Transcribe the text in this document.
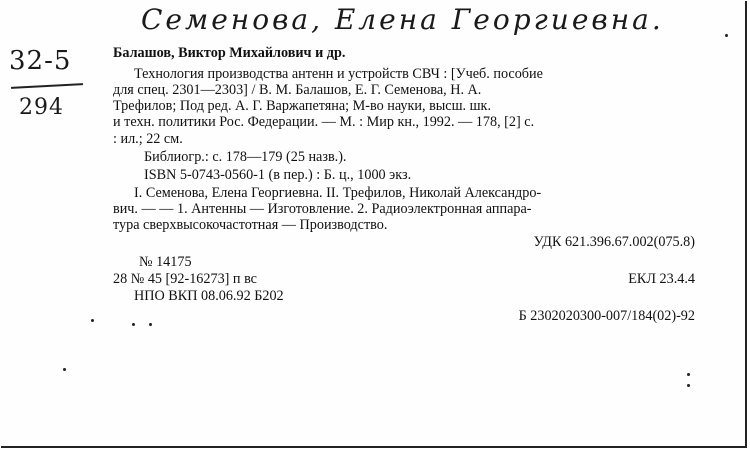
Семенова, Елена Георгиевна.
32-5
294
Балашов, Виктор Михайлович и др.
Технология производства антенн и устройств СВЧ : [Учеб. пособие
для спец. 2301—2303] / В. М. Балашов, Е. Г. Семенова, Н. А.
Трефилов; Под ред. А. Г. Варжапетяна; М-во науки, высш. шк.
и техн. политики Рос. Федерации. — М. : Мир кн., 1992. — 178, [2] с.
: ил.; 22 см.
Библиогр.: с. 178—179 (25 назв.).
ISBN 5-0743-0560-1 (в пер.) : Б. ц., 1000 экз.
I. Семенова, Елена Георгиевна. II. Трефилов, Николай Александро-
вич. — — 1. Антенны — Изготовление. 2. Радиоэлектронная аппара-
тура сверхвысокочастотная — Производство.
УДК 621.396.67.002(075.8)
№ 14175
28 № 45 [92-16273] п вс	ЕКЛ 23.4.4
НПО ВКП 08.06.92 Б202
Б 2302020300-007/184(02)-92
